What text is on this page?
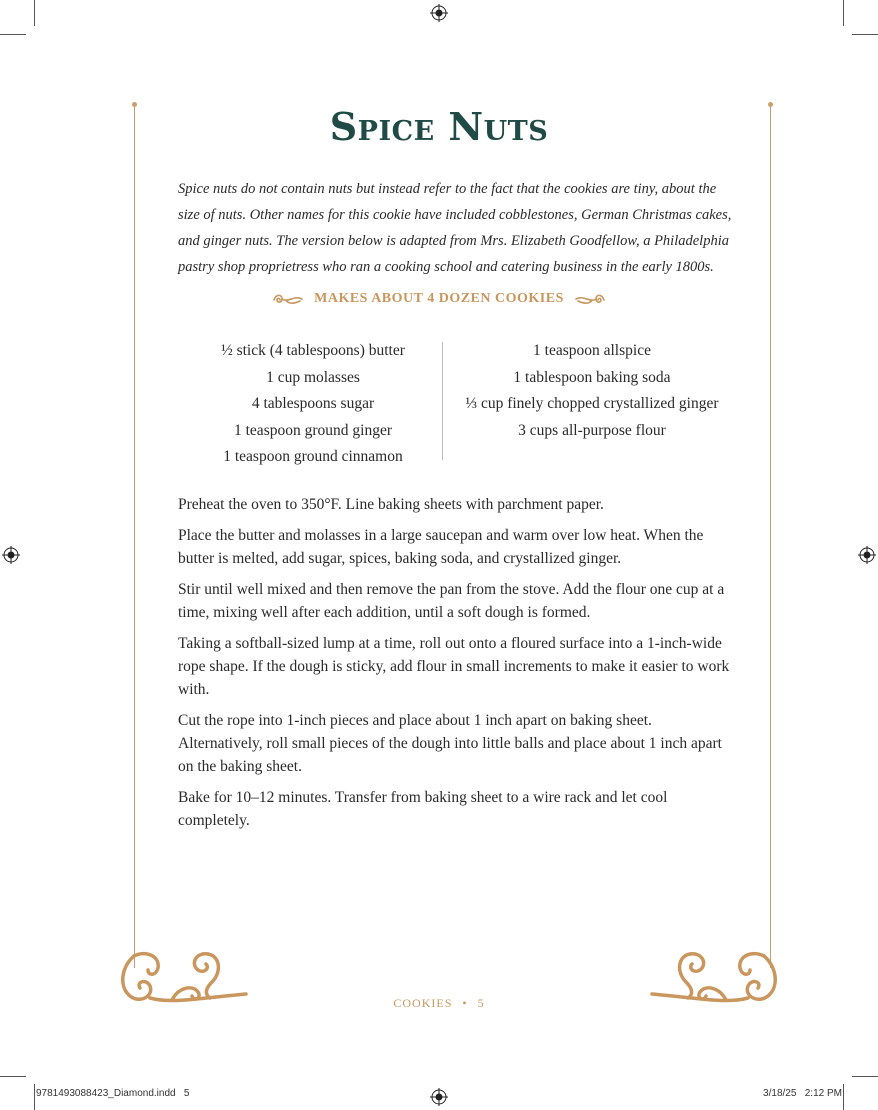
Spice Nuts
Spice nuts do not contain nuts but instead refer to the fact that the cookies are tiny, about the size of nuts. Other names for this cookie have included cobblestones, German Christmas cakes, and ginger nuts. The version below is adapted from Mrs. Elizabeth Goodfellow, a Philadelphia pastry shop proprietress who ran a cooking school and catering business in the early 1800s.
MAKES ABOUT 4 DOZEN COOKIES
½ stick (4 tablespoons) butter
1 cup molasses
4 tablespoons sugar
1 teaspoon ground ginger
1 teaspoon ground cinnamon
1 teaspoon allspice
1 tablespoon baking soda
⅓ cup finely chopped crystallized ginger
3 cups all-purpose flour

Preheat the oven to 350°F. Line baking sheets with parchment paper.

Place the butter and molasses in a large saucepan and warm over low heat. When the butter is melted, add sugar, spices, baking soda, and crystallized ginger.

Stir until well mixed and then remove the pan from the stove. Add the flour one cup at a time, mixing well after each addition, until a soft dough is formed.

Taking a softball-sized lump at a time, roll out onto a floured surface into a 1-inch-wide rope shape. If the dough is sticky, add flour in small increments to make it easier to work with.

Cut the rope into 1-inch pieces and place about 1 inch apart on baking sheet. Alternatively, roll small pieces of the dough into little balls and place about 1 inch apart on the baking sheet.

Bake for 10–12 minutes. Transfer from baking sheet to a wire rack and let cool completely.

COOKIES • 5
9781493088423_Diamond.indd   5	3/18/25   2:12 PM
